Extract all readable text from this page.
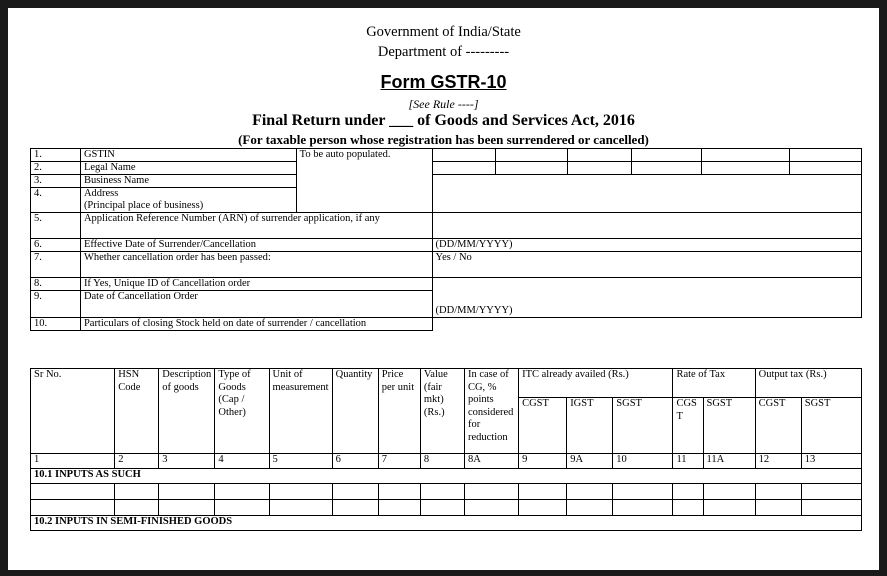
Government of India/State
Department of ---------
Form GSTR-10
[See Rule ----]
Final Return under ___ of Goods and Services Act, 2016
(For taxable person whose registration has been surrendered or cancelled)
1.	GSTIN	To be auto populated.						
2.	Legal Name							
3.	Business Name							
4.	Address							
	(Principal place of business)							
5.	Application Reference Number (ARN) of surrender application, if any							
6.	Effective Date of Surrender/Cancellation		(DD/MM/YYYY)					
7.	Whether cancellation order has been passed:		Yes / No					
8.	If Yes, Unique ID of Cancellation order		(DD/MM/YYYY)					
9.	Date of Cancellation Order							
10.	Particulars of closing Stock held on date of surrender / cancellation							
Sr No.	HSN Code	Description of goods	Type of Goods (Cap / Other)	Unit of measurement	Quantity	Price per unit	Value (fair mkt) (Rs.)	In case of CG, % points considered for reduction	ITC already availed (Rs.)			Rate of Tax		Output tax (Rs.)	
									CGST	IGST	SGST	CGST	SGST	CGST	SGST
1	2	3	4	5	6	7	8	8A	9	9A	10	11	11A	12	13
10.1 INPUTS AS SUCH															

10.2 INPUTS IN SEMI-FINISHED GOODS															
